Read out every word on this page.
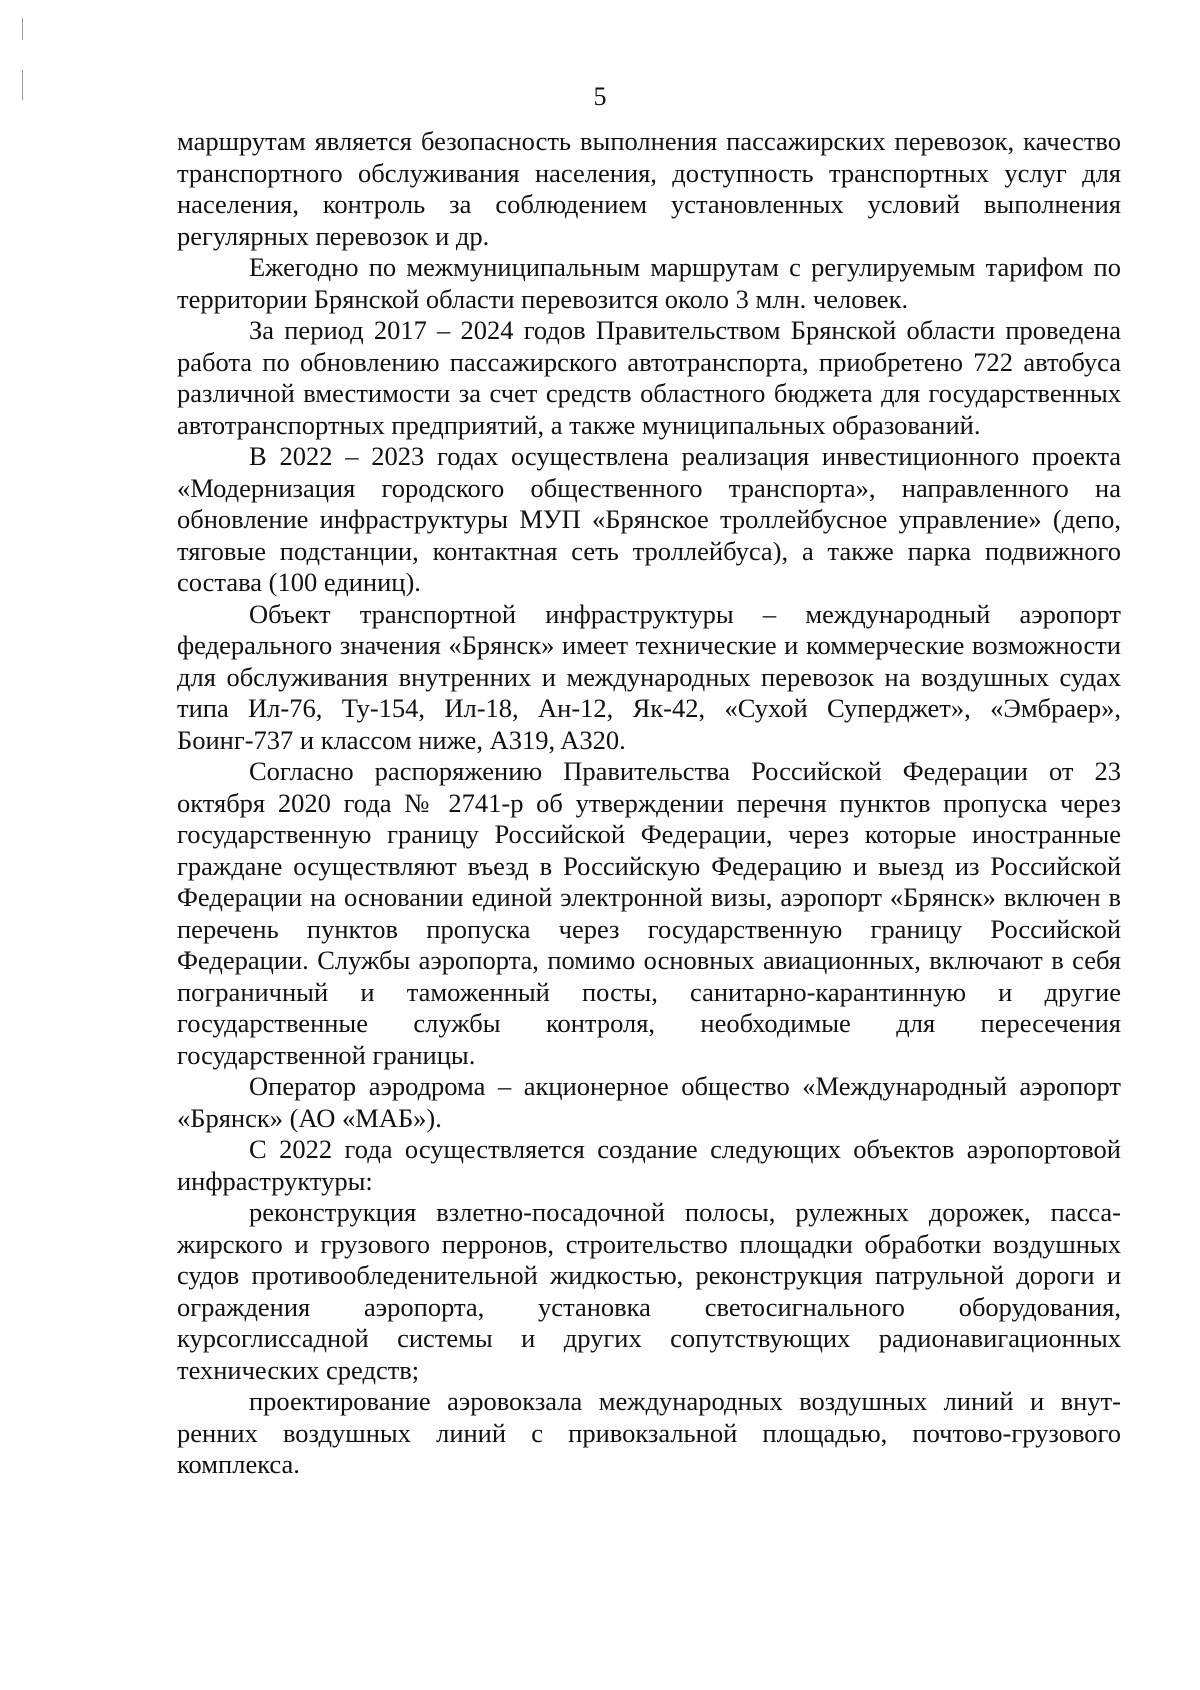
5

маршрутам является безопасность выполнения пассажирских перевозок, качество транспортного обслуживания населения, доступность транспортных услуг для населения, контроль за соблюдением установленных условий выполнения регулярных перевозок и др.

Ежегодно по межмуниципальным маршрутам с регулируемым тарифом по территории Брянской области перевозится около 3 млн. человек.

За период 2017 – 2024 годов Правительством Брянской области проведена работа по обновлению пассажирского автотранспорта, приобретено 722 автобуса различной вместимости за счет средств областного бюджета для государственных автотранспортных предприятий, а также муниципальных образований.

В 2022 – 2023 годах осуществлена реализация инвестиционного проекта «Модернизация городского общественного транспорта», направленного на обновление инфраструктуры МУП «Брянское троллейбусное управление» (депо, тяговые подстанции, контактная сеть троллейбуса), а также парка подвижного состава (100 единиц).

Объект транспортной инфраструктуры – международный аэропорт федерального значения «Брянск» имеет технические и коммерческие возможности для обслуживания внутренних и международных перевозок на воздушных судах типа Ил-76, Ту-154, Ил-18, Ан-12, Як-42, «Сухой Суперджет», «Эмбраер», Боинг-737 и классом ниже, A319, A320.

Согласно распоряжению Правительства Российской Федерации от 23 октября 2020 года № 2741-р об утверждении перечня пунктов пропуска через государственную границу Российской Федерации, через которые иностранные граждане осуществляют въезд в Российскую Федерацию и выезд из Российской Федерации на основании единой электронной визы, аэропорт «Брянск» включен в перечень пунктов пропуска через государственную границу Российской Федерации. Службы аэропорта, помимо основных авиационных, включают в себя пограничный и таможенный посты, санитарно-карантинную и другие государственные службы контроля, необходимые для пересечения государственной границы.

Оператор аэродрома – акционерное общество «Международный аэропорт «Брянск» (АО «МАБ»).

С 2022 года осуществляется создание следующих объектов аэропортовой инфраструктуры:

реконструкция взлетно-посадочной полосы, рулежных дорожек, пассажирского и грузового перронов, строительство площадки обработки воздушных судов противообледенительной жидкостью, реконструкция патрульной дороги и ограждения аэропорта, установка светосигнального оборудования, курсоглиссадной системы и других сопутствующих радионавигационных технических средств;

проектирование аэровокзала международных воздушных линий и внутренних воздушных линий с привокзальной площадью, почтово-грузового комплекса.
